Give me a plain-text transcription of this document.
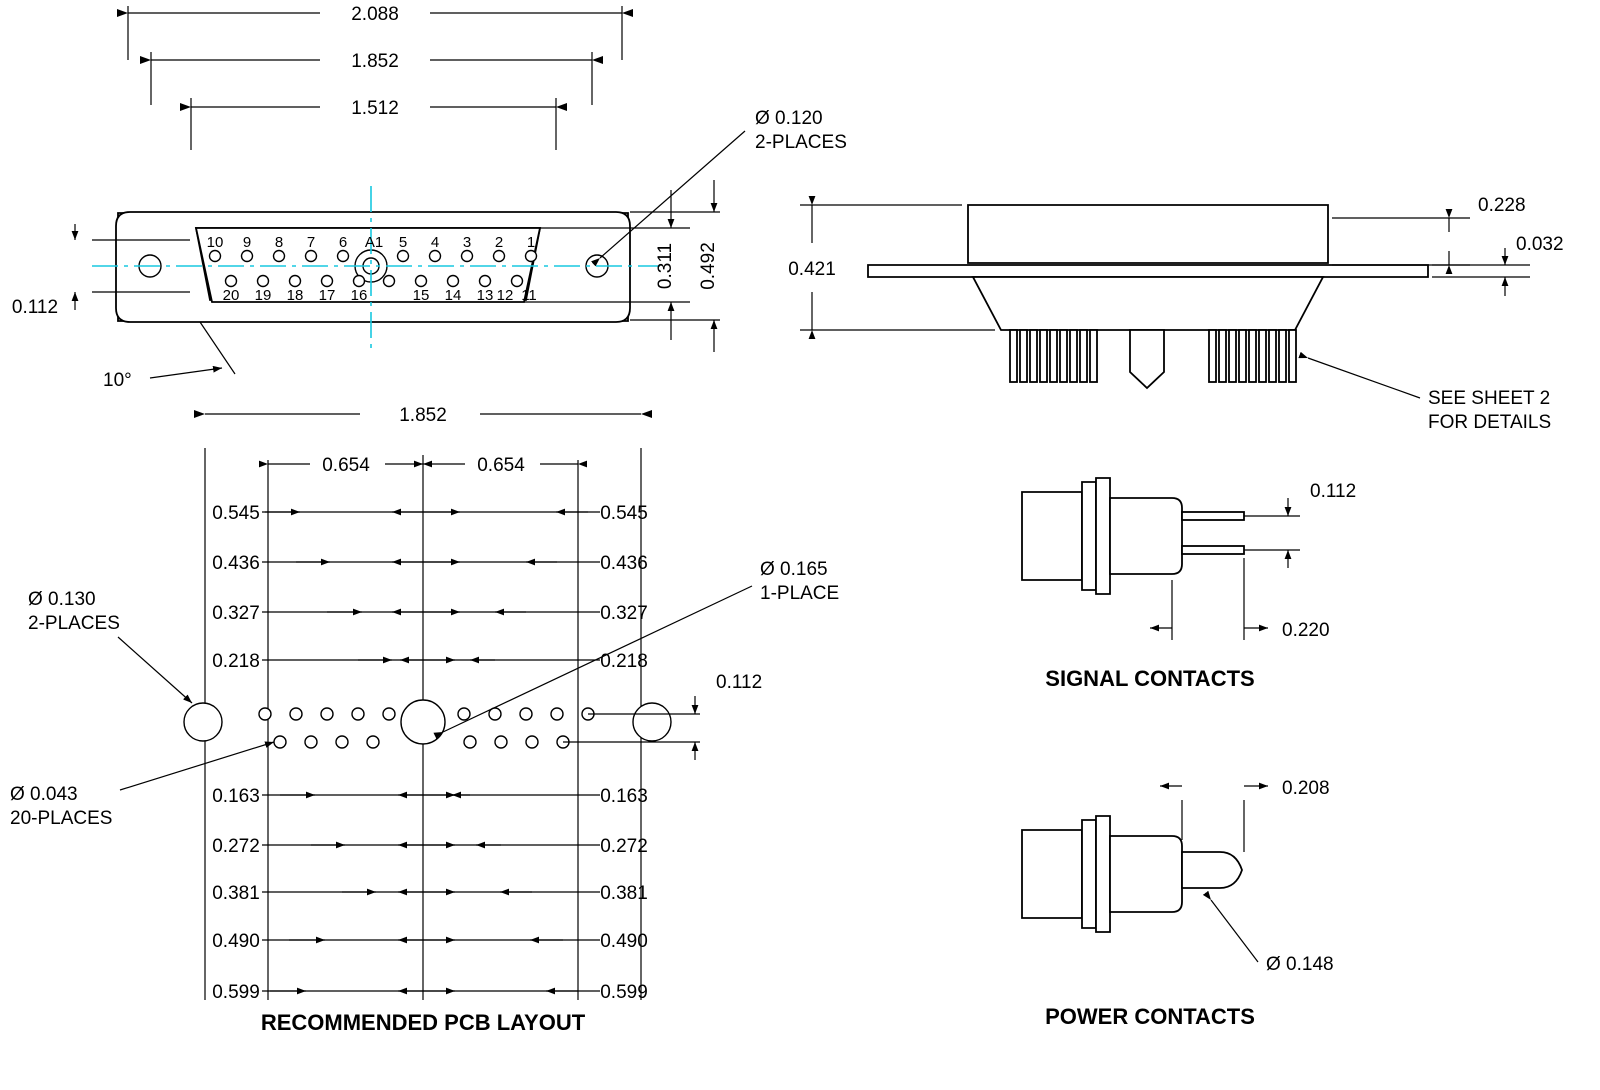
10 9 8 7 6	5 4 3 2 1
20 19 18 17 16	15 14 13 12 11
A1
2.088
1.852
1.512
0.311 0.492
0.112
Ø 0.120
2-PLACES
10°
0.421
0.228
0.032
SEE SHEET 2
FOR DETAILS
1.852
0.654	0.654
0.545
0.436
0.327
0.218
0.545
0.436
0.327
0.218
0.163
0.272
0.381
0.490
0.599
0.163
0.272
0.381
0.490
0.599
0.112
Ø 0.130
2-PLACES
Ø 0.165
1-PLACE
Ø 0.043
20-PLACES
RECOMMENDED PCB LAYOUT
0.112
0.220
SIGNAL CONTACTS
0.208
Ø 0.148
POWER CONTACTS
